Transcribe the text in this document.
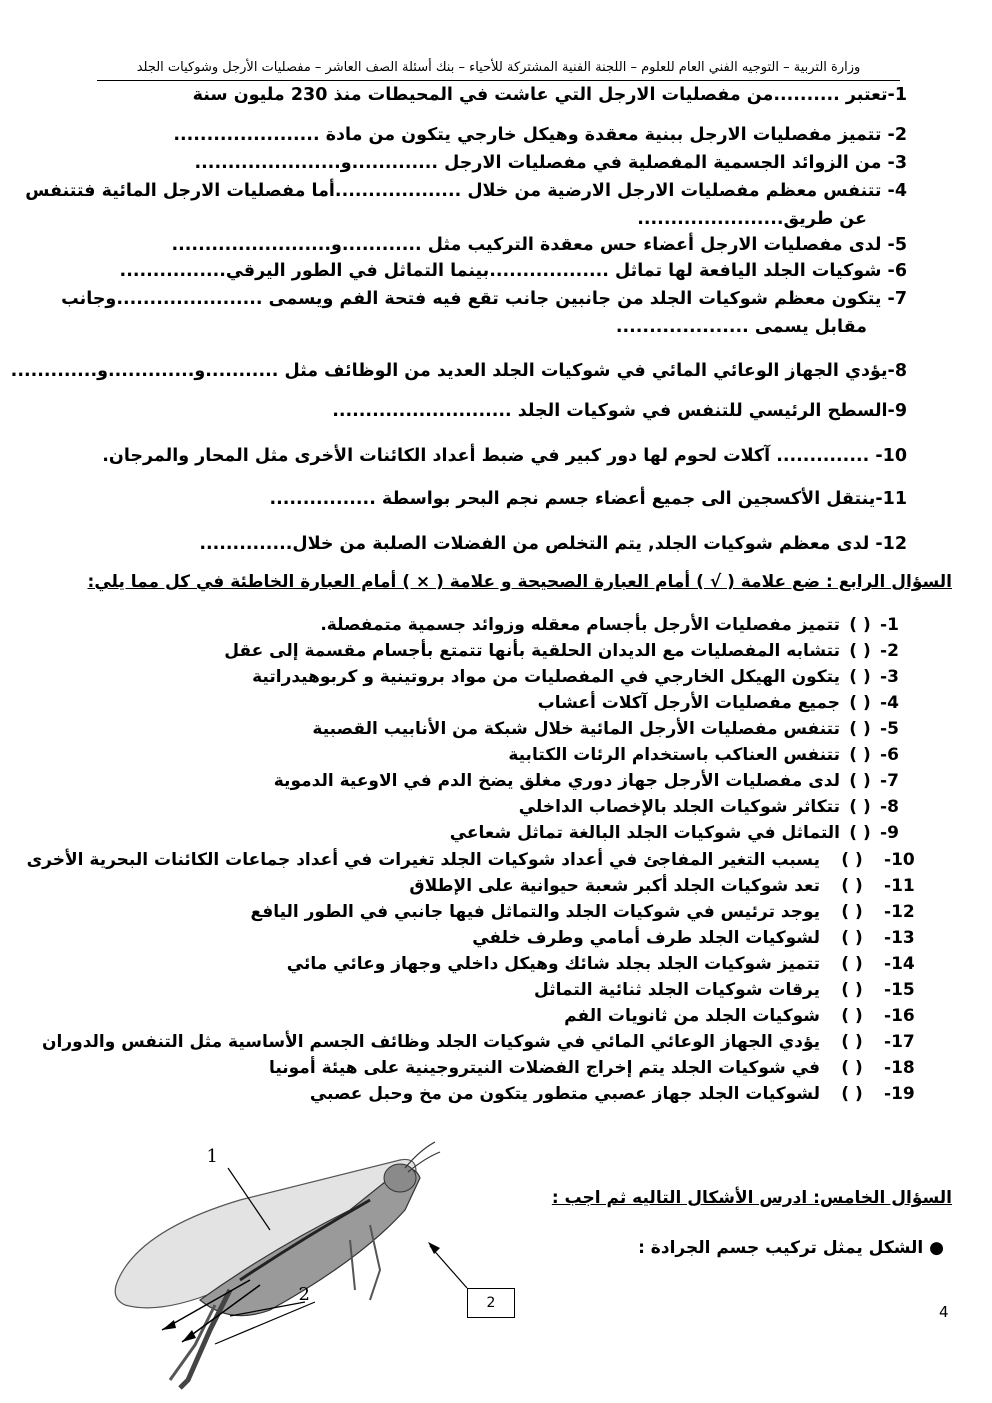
وزارة التربية – التوجيه الفني العام للعلوم – اللجنة الفنية المشتركة للأحياء – بنك أسئلة الصف العاشر – مفصليات الأرجل وشوكيات الجلد
1-تعتبر ..........من مفصليات الارجل التي عاشت في المحيطات منذ 230 مليون سنة
2- تتميز مفصليات الارجل ببنية معقدة وهيكل خارجي يتكون من مادة ......................
3- من الزوائد الجسمية المفصلية في مفصليات الارجل .............و......................
4- تتنفس معظم مفصليات الارجل الارضية من خلال ...................أما مفصليات الارجل المائية فتتنفس
عن طريق......................
5- لدى مفصليات الارجل أعضاء حس معقدة التركيب مثل ............و........................
6- شوكيات الجلد اليافعة لها تماثل ..................بينما التماثل في الطور اليرقي................
7- يتكون معظم شوكيات الجلد من جانبين جانب تقع فيه فتحة الفم ويسمى ......................وجانب
مقابل يسمى ....................
8-يؤدي الجهاز الوعائي المائي في شوكيات الجلد العديد من الوظائف مثل ...........و.............و.............
9-السطح الرئيسي للتنفس في شوكيات الجلد ...........................
10- .............. آكلات لحوم لها دور كبير في ضبط أعداد الكائنات الأخرى مثل المحار والمرجان.
11-ينتقل الأكسجين الى جميع أعضاء جسم نجم البحر بواسطة ................
12- لدى معظم شوكيات الجلد, يتم التخلص من الفضلات الصلبة من خلال..............
السؤال الرابع : ضع علامة ( √ ) أمام العبارة الصحيحة و علامة ( × ) أمام العبارة الخاطئة في كل مما يلي:
1-( )تتميز مفصليات الأرجل بأجسام معقله وزوائد جسمية متمفصلة.
2-( )تتشابه المفصليات مع الديدان الحلقية بأنها تتمتع بأجسام مقسمة إلى عقل
3-( )يتكون الهيكل الخارجي في المفصليات من مواد بروتينية و كربوهيدراتية
4-( )جميع مفصليات الأرجل آكلات أعشاب
5-( )تتنفس مفصليات الأرجل المائية خلال شبكة من الأنابيب القصبية
6-( )تتنفس العناكب باستخدام الرئات الكتابية
7-( )لدى مفصليات الأرجل جهاز دوري مغلق يضخ الدم في الاوعية الدموية
8-( )تتكاثر شوكيات الجلد بالإخصاب الداخلي
9-( )التماثل في شوكيات الجلد البالغة تماثل شعاعي
10-( )يسبب التغير المفاجئ في أعداد شوكيات الجلد تغيرات في أعداد جماعات الكائنات البحرية الأخرى
11-( )تعد شوكيات الجلد أكبر شعبة حيوانية على الإطلاق
12-( )يوجد ترئيس في شوكيات الجلد والتماثل فيها جانبي في الطور اليافع
13-( )لشوكيات الجلد طرف أمامي وطرف خلفي
14-( )تتميز شوكيات الجلد بجلد شائك وهيكل داخلي وجهاز وعائي مائي
15-( )يرقات شوكيات الجلد ثنائية التماثل
16-( )شوكيات الجلد من ثانويات الفم
17-( )يؤدي الجهاز الوعائي المائي في شوكيات الجلد وظائف الجسم الأساسية مثل التنفس والدوران
18-( )في شوكيات الجلد يتم إخراج الفضلات النيتروجينية على هيئة أمونيا
19-( )لشوكيات الجلد جهاز عصبي متطور يتكون من مخ وحبل عصبي
السؤال الخامس: ادرس الأشكال التاليه ثم اجب :
● الشكل يمثل تركيب جسم الجرادة :
1
2	2	4
